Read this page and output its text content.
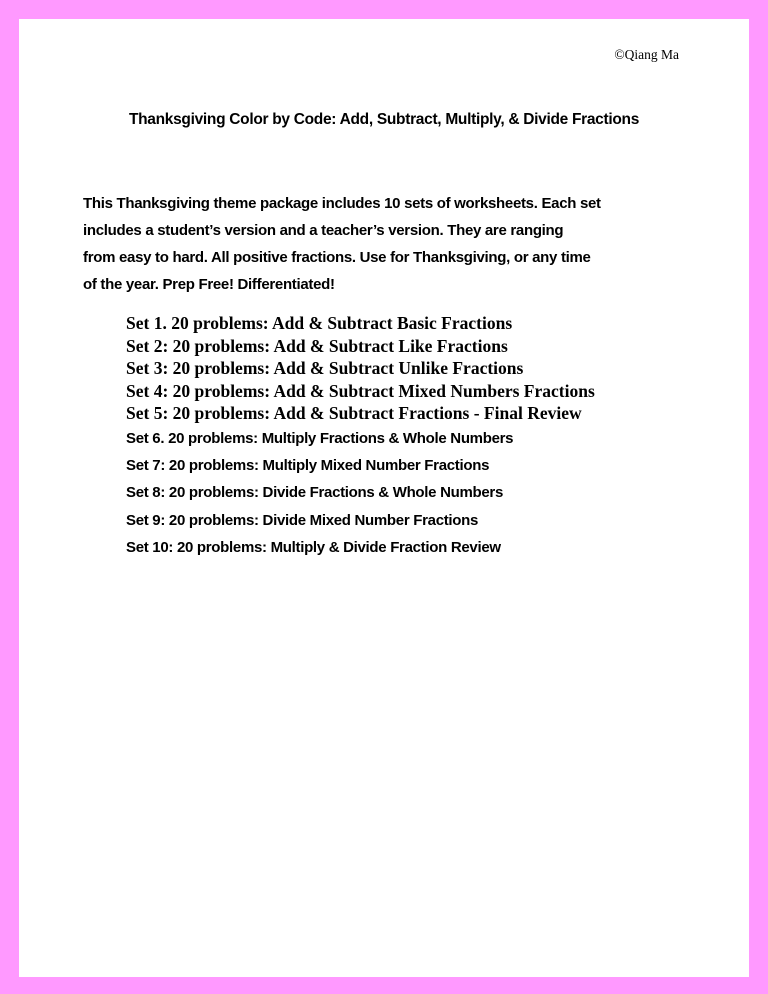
©Qiang Ma
Thanksgiving Color by Code: Add, Subtract, Multiply, & Divide Fractions
This Thanksgiving theme package includes 10 sets of worksheets. Each set
includes a student’s version and a teacher’s version. They are ranging
from easy to hard. All positive fractions. Use for Thanksgiving, or any time
of the year. Prep Free! Differentiated!
Set 1. 20 problems: Add & Subtract Basic Fractions
Set 2: 20 problems: Add & Subtract Like Fractions
Set 3: 20 problems: Add & Subtract Unlike Fractions
Set 4: 20 problems: Add & Subtract Mixed Numbers Fractions
Set 5: 20 problems: Add & Subtract Fractions - Final Review
Set 6. 20 problems: Multiply Fractions & Whole Numbers
Set 7: 20 problems: Multiply Mixed Number Fractions
Set 8: 20 problems: Divide Fractions & Whole Numbers
Set 9: 20 problems: Divide Mixed Number Fractions
Set 10: 20 problems: Multiply & Divide Fraction Review
